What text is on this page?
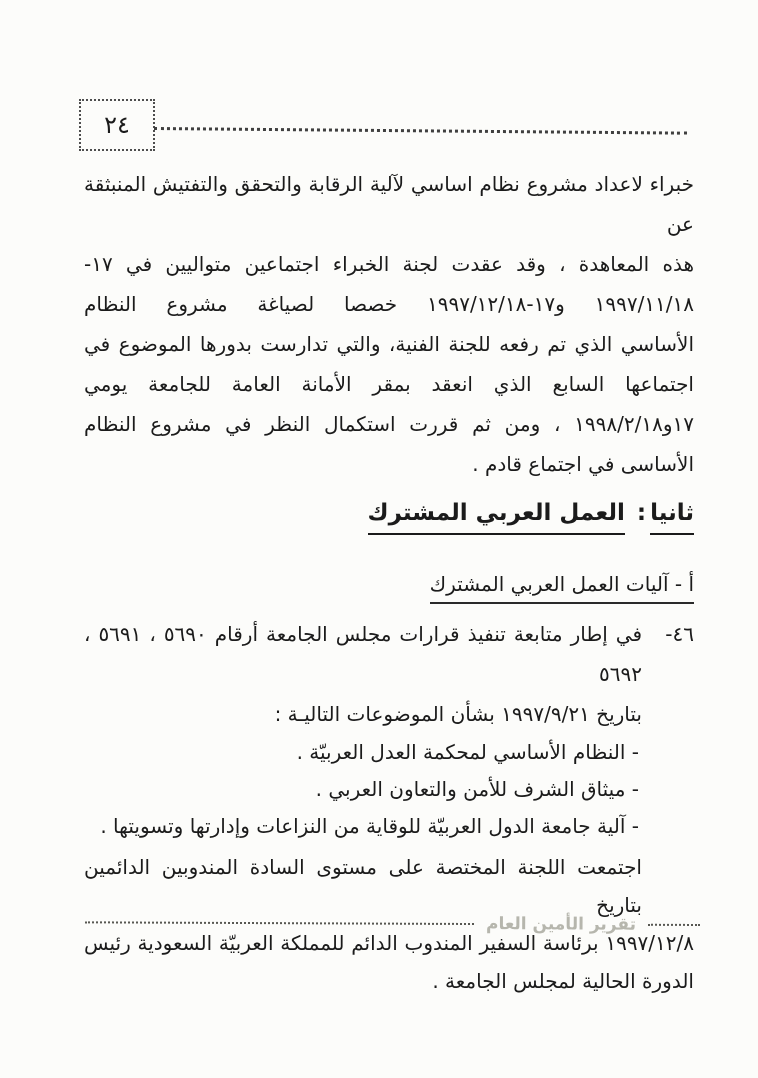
٢٤
خبراء لاعداد مشروع نظام اساسي لآلية الرقابة والتحقق والتفتيش المنبثقة عن
هذه المعاهدة ، وقد عقدت لجنة الخبراء اجتماعين متواليين في ١٧-
١٩٩٧/١١/١٨ و١٧-١٩٩٧/١٢/١٨ خصصا لصياغة مشروع النظام
الأساسي الذي تم رفعه للجنة الفنية، والتي تدارست بدورها الموضوع في
اجتماعها السابع الذي انعقد بمقر الأمانة العامة للجامعة يومي
١٧و١٩٩٨/٢/١٨ ، ومن ثم قررت استكمال النظر في مشروع النظام
الأساسى في اجتماع قادم .
ثانيا: العمل العربي المشترك
أ - آليات العمل العربي المشترك
٤٦-
في إطار متابعة تنفيذ قرارات مجلس الجامعة أرقام ٥٦٩٠ ، ٥٦٩١ ، ٥٦٩٢
بتاريخ ١٩٩٧/٩/٢١ بشأن الموضوعات التاليـة :
- النظام الأساسي لمحكمة العدل العربيّة .
- ميثاق الشرف للأمن والتعاون العربي .
- آلية جامعة الدول العربيّة للوقاية من النزاعات وإدارتها وتسويتها .
اجتمعت اللجنة المختصة على مستوى السادة المندوبين الدائمين بتاريخ
١٩٩٧/١٢/٨ برئاسة السفير المندوب الدائم للمملكة العربيّة السعودية رئيس
الدورة الحالية لمجلس الجامعة .
تقرير الأمين العام
